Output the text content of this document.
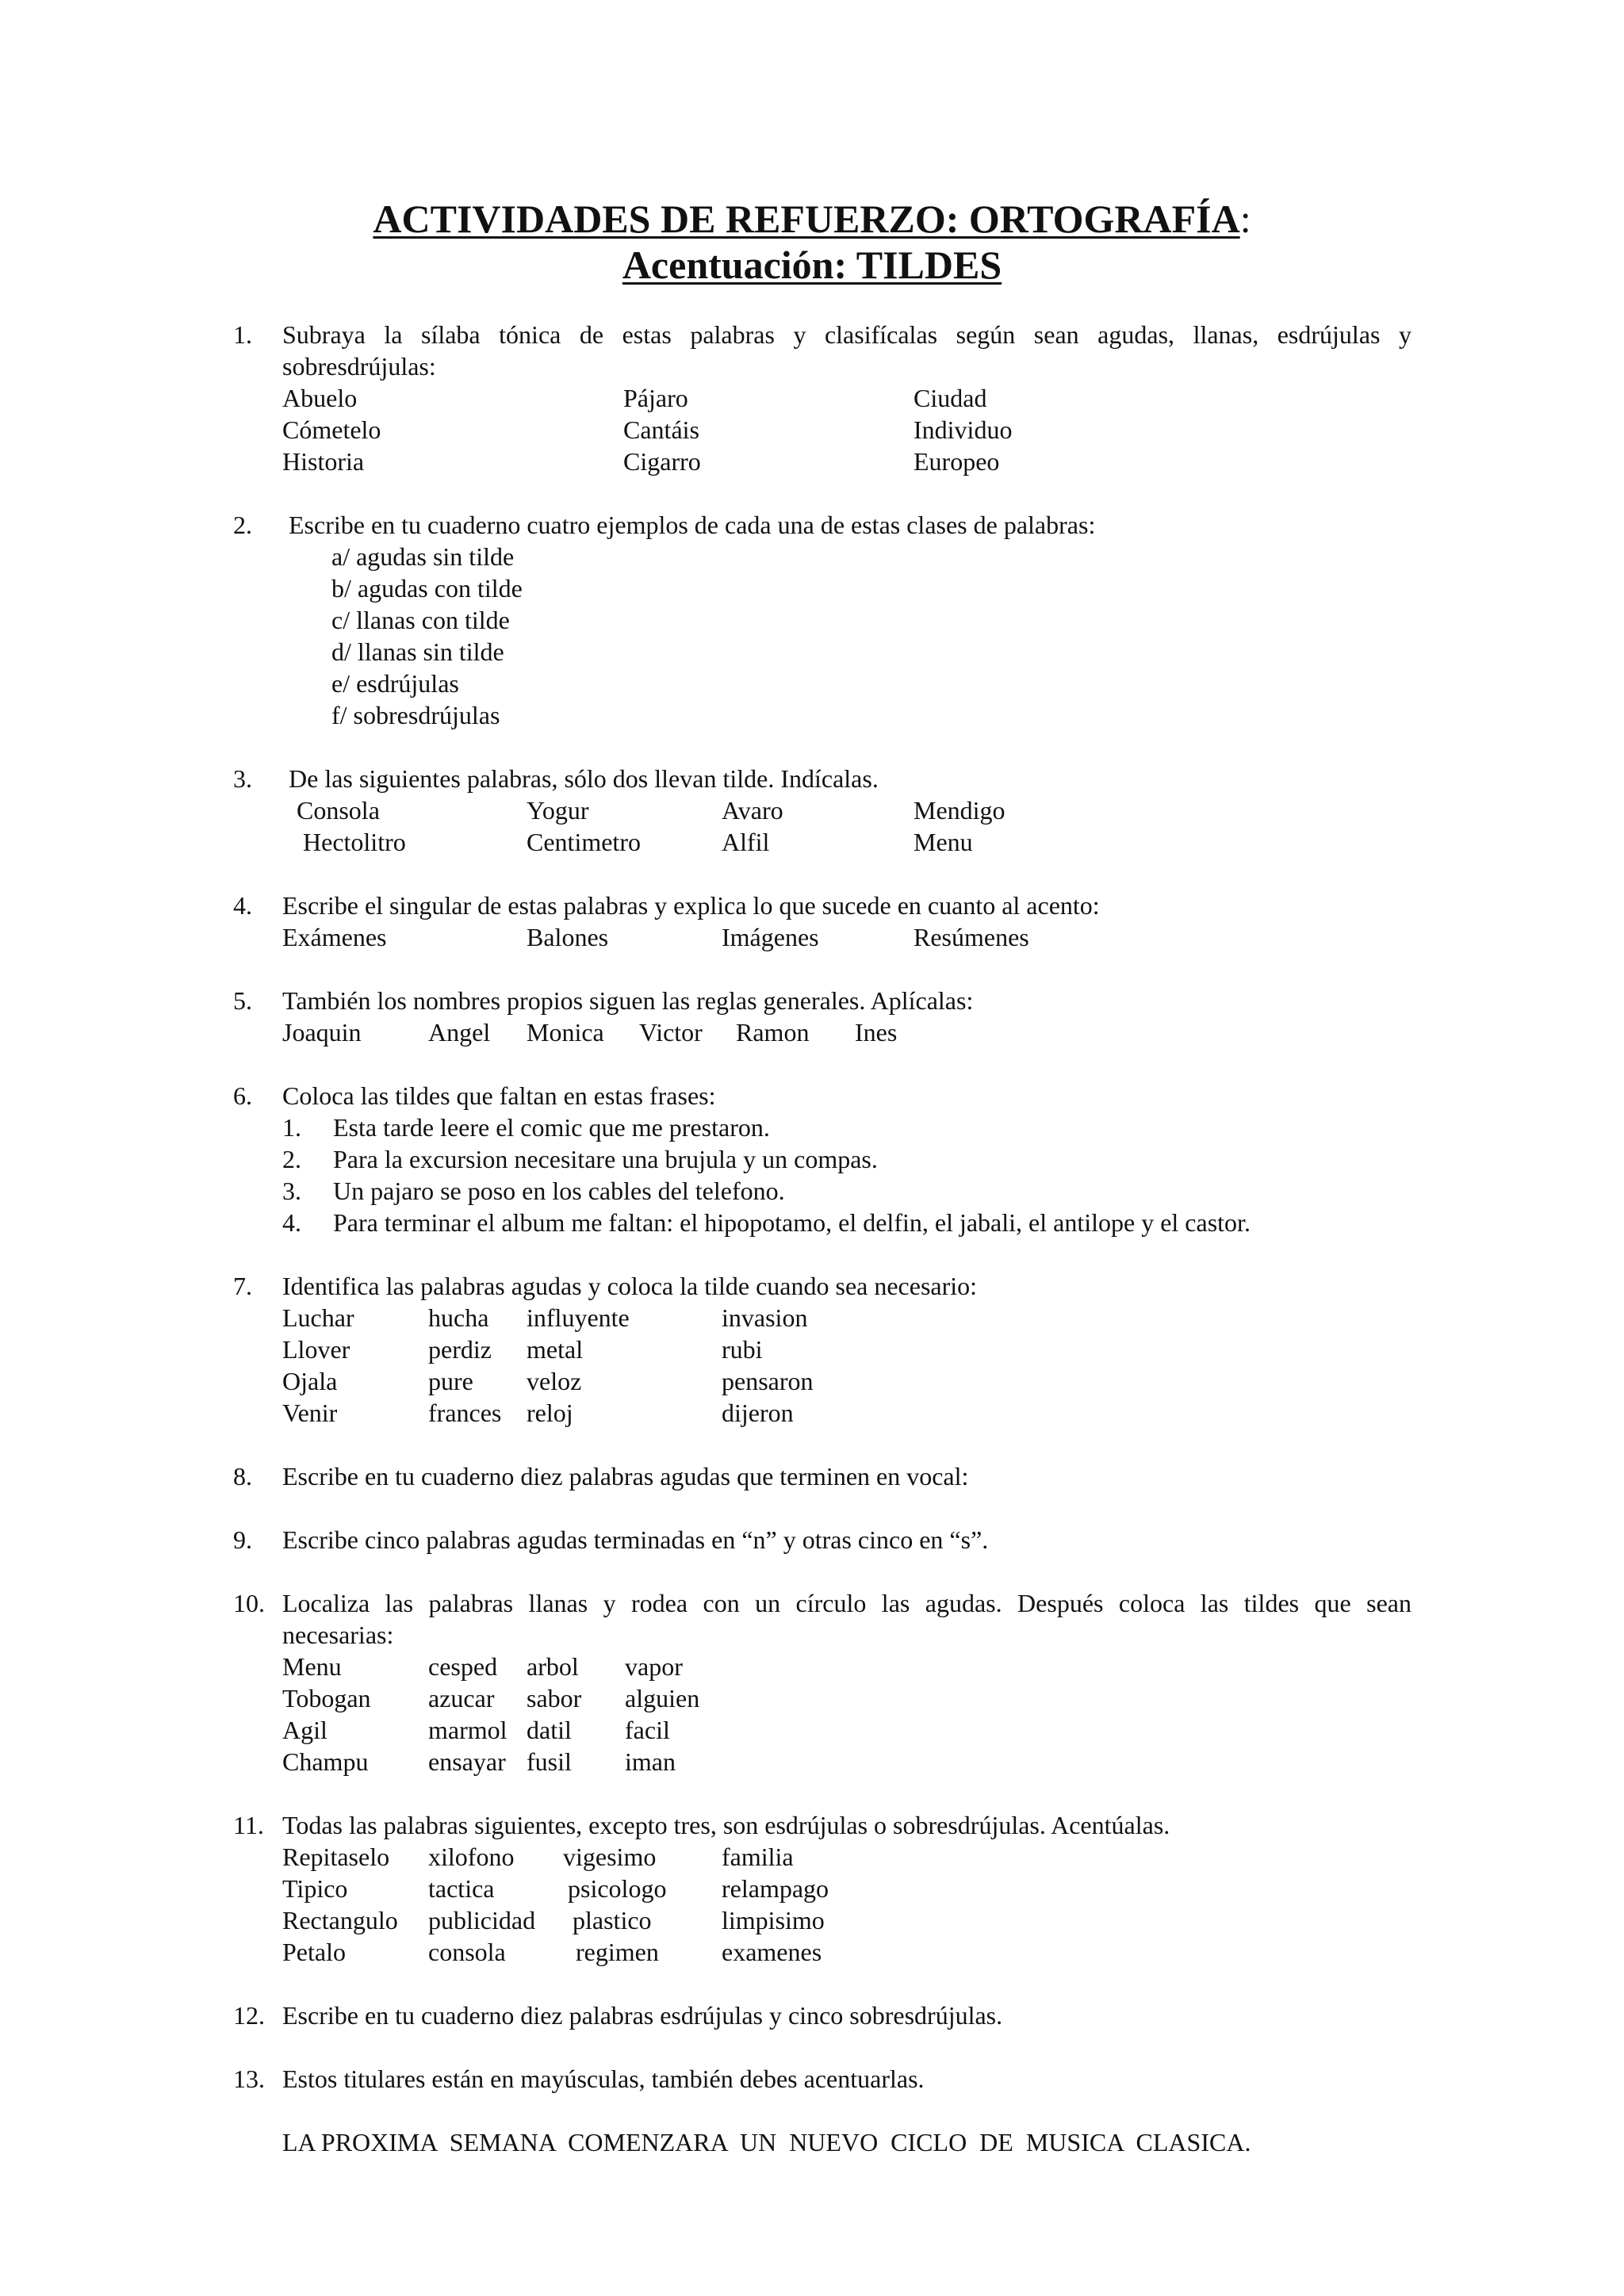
ACTIVIDADES DE REFUERZO: ORTOGRAFÍA:
Acentuación: TILDES
1. Subraya la sílaba tónica de estas palabras y clasifícalas según sean agudas, llanas, esdrújulas y
sobresdrújulas:
Abuelo	Pájaro	Ciudad
Cómetelo	Cantáis	Individuo
Historia	Cigarro	Europeo
2. Escribe en tu cuaderno cuatro ejemplos de cada una de estas clases de palabras:
a/ agudas sin tilde
b/ agudas con tilde
c/ llanas con tilde
d/ llanas sin tilde
e/ esdrújulas
f/ sobresdrújulas
3. De las siguientes palabras, sólo dos llevan tilde. Indícalas.
Consola	Yogur	Avaro	Mendigo
Hectolitro	Centimetro	Alfil	Menu
4. Escribe el singular de estas palabras y explica lo que sucede en cuanto al acento:
Exámenes	Balones	Imágenes	Resúmenes
5. También los nombres propios siguen las reglas generales. Aplícalas:
Joaquin	Angel Monica Victor Ramon Ines
6. Coloca las tildes que faltan en estas frases:
1. Esta tarde leere el comic que me prestaron.
2. Para la excursion necesitare una brujula y un compas.
3. Un pajaro se poso en los cables del telefono.
4. Para terminar el album me faltan: el hipopotamo, el delfin, el jabali, el antilope y el castor.
7. Identifica las palabras agudas y coloca la tilde cuando sea necesario:
Luchar	hucha influyente	invasion
Llover	perdiz metal	rubi
Ojala	pure veloz	pensaron
Venir	frances reloj	dijeron
8. Escribe en tu cuaderno diez palabras agudas que terminen en vocal:
9. Escribe cinco palabras agudas terminadas en “n” y otras cinco en “s”.
10. Localiza las palabras llanas y rodea con un círculo las agudas. Después coloca las tildes que sean
necesarias:
Menu	cesped arbol vapor
Tobogan azucar sabor alguien
Agil	marmol datil facil
Champu ensayar fusil iman
11. Todas las palabras siguientes, excepto tres, son esdrújulas o sobresdrújulas. Acentúalas.
Repitaselo xilofono vigesimo	familia
Tipico	tactica	psicologo relampago
Rectangulo publicidad plastico	limpisimo
Petalo	consola	regimen examenes
12. Escribe en tu cuaderno diez palabras esdrújulas y cinco sobresdrújulas.
13. Estos titulares están en mayúsculas, también debes acentuarlas.
LA PROXIMA  SEMANA  COMENZARA  UN  NUEVO  CICLO  DE  MUSICA  CLASICA.
